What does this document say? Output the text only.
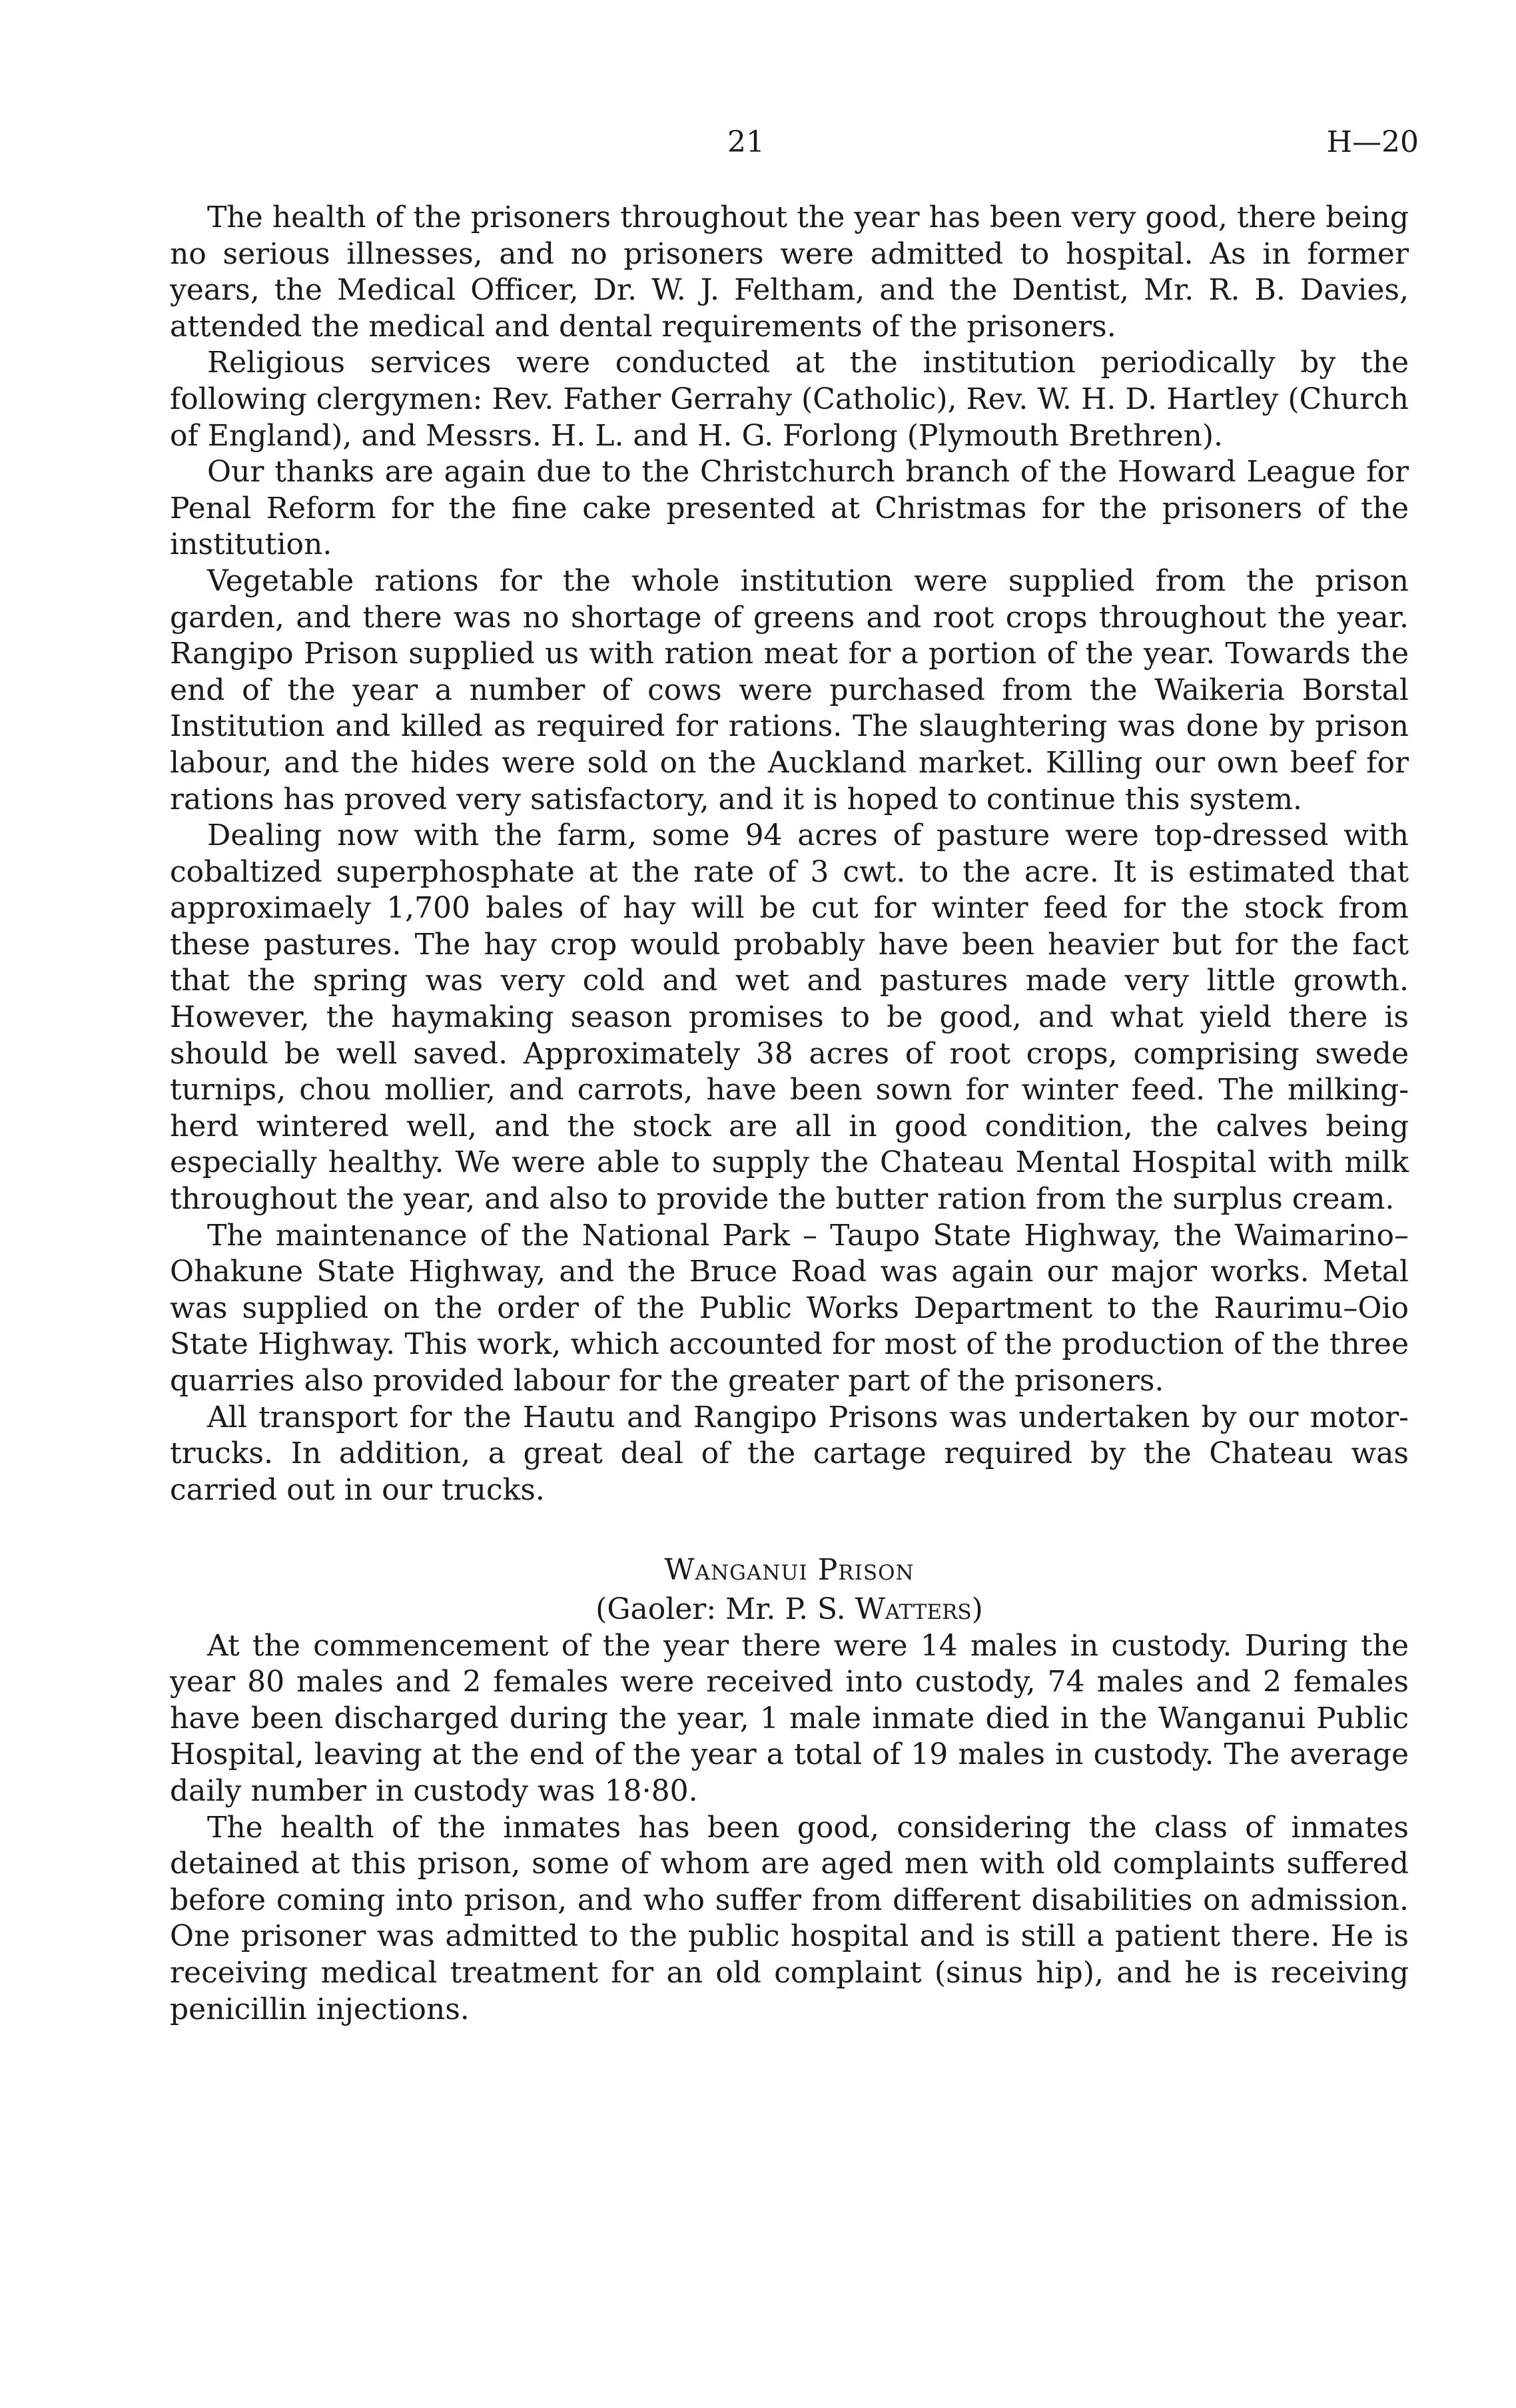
21	H—20

The health of the prisoners throughout the year has been very good, there being no serious illnesses, and no prisoners were admitted to hospital. As in former years, the Medical Officer, Dr. W. J. Feltham, and the Dentist, Mr. R. B. Davies, attended the medical and dental requirements of the prisoners.

Religious services were conducted at the institution periodically by the following clergymen: Rev. Father Gerrahy (Catholic), Rev. W. H. D. Hartley (Church of England), and Messrs. H. L. and H. G. Forlong (Plymouth Brethren).

Our thanks are again due to the Christchurch branch of the Howard League for Penal Reform for the fine cake presented at Christmas for the prisoners of the institution.

Vegetable rations for the whole institution were supplied from the prison garden, and there was no shortage of greens and root crops throughout the year. Rangipo Prison supplied us with ration meat for a portion of the year. Towards the end of the year a number of cows were purchased from the Waikeria Borstal Institution and killed as required for rations. The slaughtering was done by prison labour, and the hides were sold on the Auckland market. Killing our own beef for rations has proved very satisfactory, and it is hoped to continue this system.

Dealing now with the farm, some 94 acres of pasture were top-dressed with cobaltized superphosphate at the rate of 3 cwt. to the acre. It is estimated that approximaely 1,700 bales of hay will be cut for winter feed for the stock from these pastures. The hay crop would probably have been heavier but for the fact that the spring was very cold and wet and pastures made very little growth. However, the haymaking season promises to be good, and what yield there is should be well saved. Approximately 38 acres of root crops, comprising swede turnips, chou mollier, and carrots, have been sown for winter feed. The milking-herd wintered well, and the stock are all in good condition, the calves being especially healthy. We were able to supply the Chateau Mental Hospital with milk throughout the year, and also to provide the butter ration from the surplus cream.

The maintenance of the National Park – Taupo State Highway, the Waimarino–Ohakune State Highway, and the Bruce Road was again our major works. Metal was supplied on the order of the Public Works Department to the Raurimu–Oio State Highway. This work, which accounted for most of the production of the three quarries also provided labour for the greater part of the prisoners.

All transport for the Hautu and Rangipo Prisons was undertaken by our motor-trucks. In addition, a great deal of the cartage required by the Chateau was carried out in our trucks.

Wanganui Prison
(Gaoler: Mr. P. S. Watters)

At the commencement of the year there were 14 males in custody. During the year 80 males and 2 females were received into custody, 74 males and 2 females have been discharged during the year, 1 male inmate died in the Wanganui Public Hospital, leaving at the end of the year a total of 19 males in custody. The average daily number in custody was 18·80.

The health of the inmates has been good, considering the class of inmates detained at this prison, some of whom are aged men with old complaints suffered before coming into prison, and who suffer from different disabilities on admission. One prisoner was admitted to the public hospital and is still a patient there. He is receiving medical treatment for an old complaint (sinus hip), and he is receiving penicillin injections.
